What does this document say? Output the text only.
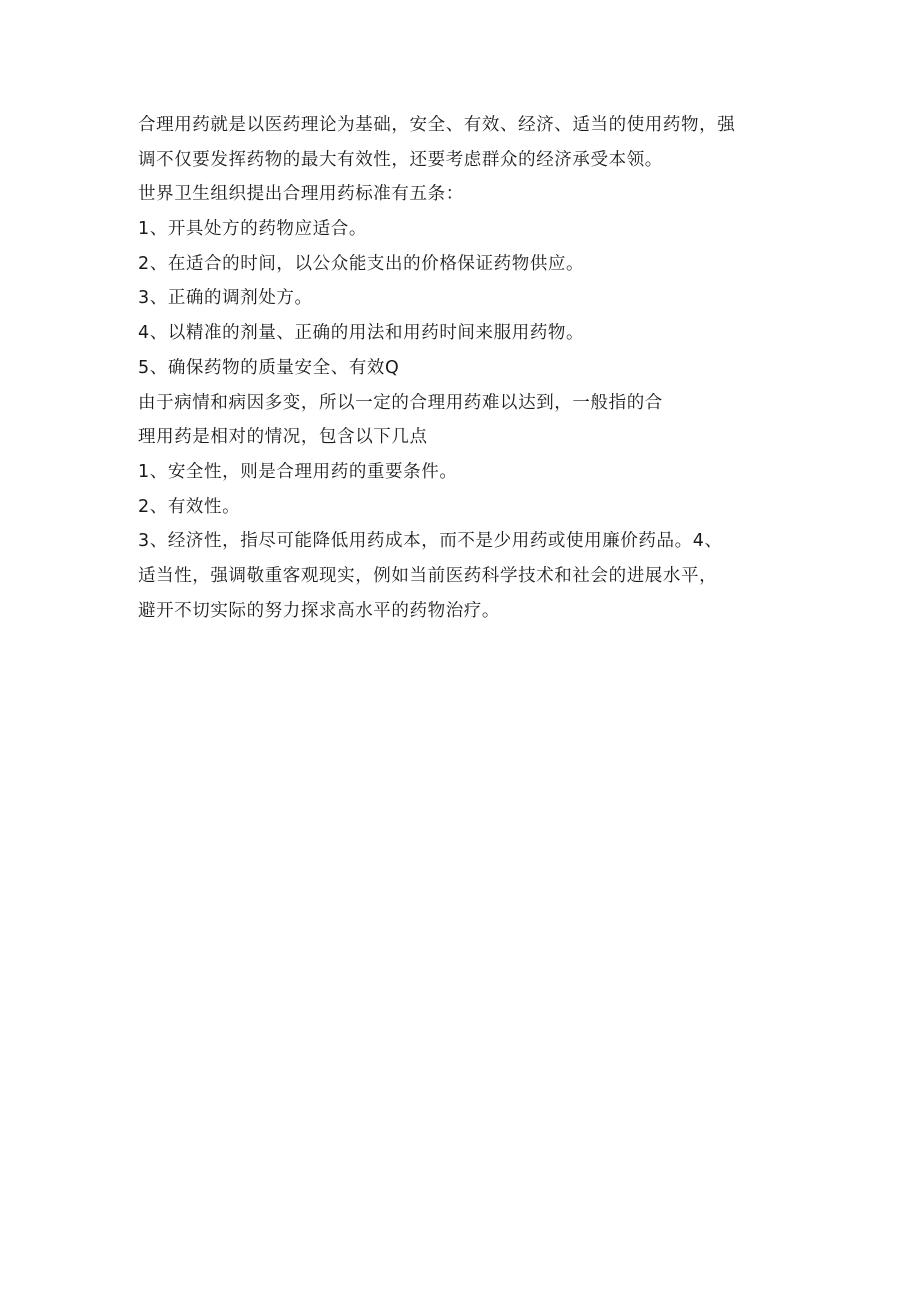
合理用药就是以医药理论为基础，安全、有效、经济、适当的使用药物，强
调不仅要发挥药物的最大有效性，还要考虑群众的经济承受本领。
世界卫生组织提出合理用药标准有五条：
1、开具处方的药物应适合。
2、在适合的时间，以公众能支出的价格保证药物供应。
3、正确的调剂处方。
4、以精准的剂量、正确的用法和用药时间来服用药物。
5、确保药物的质量安全、有效Q
由于病情和病因多变，所以一定的合理用药难以达到，一般指的合
理用药是相对的情况，包含以下几点
1、安全性，则是合理用药的重要条件。
2、有效性。
3、经济性，指尽可能降低用药成本，而不是少用药或使用廉价药品。4、
适当性，强调敬重客观现实，例如当前医药科学技术和社会的进展水平，
避开不切实际的努力探求高水平的药物治疗。
